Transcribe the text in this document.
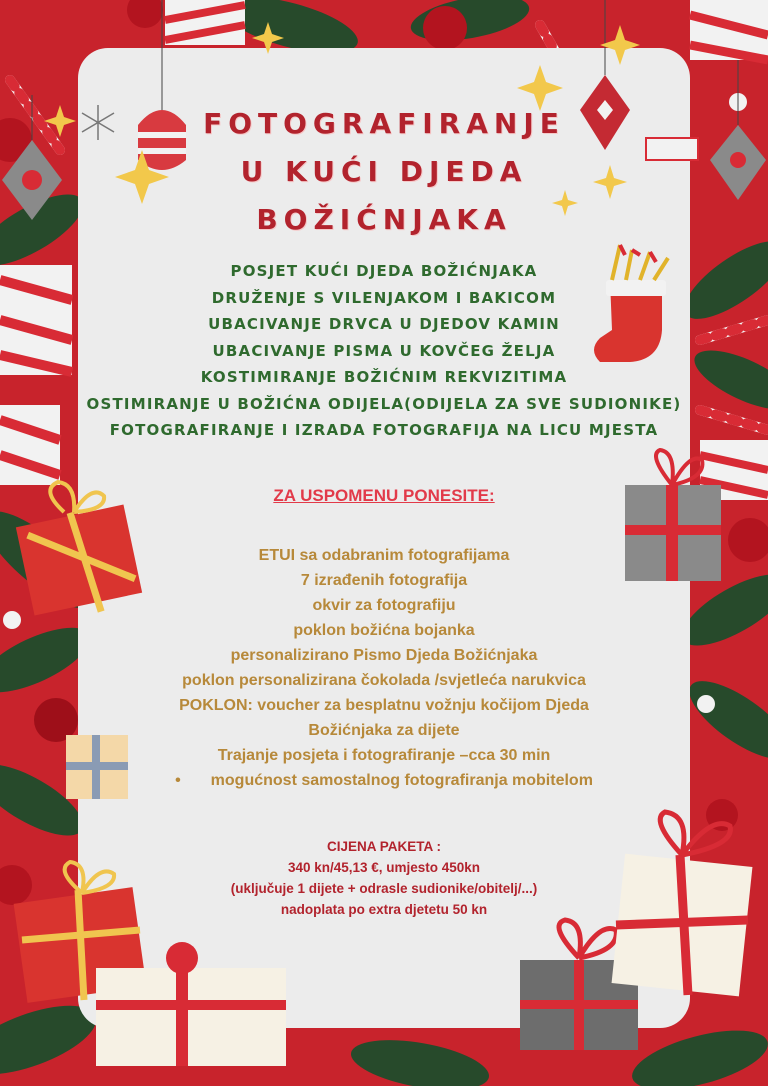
FOTOGRAFIRANJE
U KUĆI DJEDA
BOŽIĆNJAKA
POSJET KUĆI DJEDA BOŽIĆNJAKA
DRUŽENJE S VILENJAKOM I BAKICOM
UBACIVANJE DRVCA U DJEDOV KAMIN
UBACIVANJE PISMA U KOVČEG ŽELJA
KOSTIMIRANJE BOŽIĆNIM REKVIZITIMA
OSTIMIRANJE U BOŽIĆNA ODIJELA(ODIJELA ZA SVE SUDIONIKE)
FOTOGRAFIRANJE I IZRADA FOTOGRAFIJA NA LICU MJESTA
ZA USPOMENU PONESITE:
ETUI sa odabranim fotografijama
7 izrađenih fotografija
okvir za fotografiju
poklon božićna bojanka
personalizirano Pismo Djeda Božićnjaka
poklon personalizirana čokolada /svjetleća narukvica
POKLON: voucher za besplatnu vožnju kočijom Djeda
Božićnjaka za dijete
Trajanje posjeta i fotografiranje –cca 30 min
• mogućnost samostalnog fotografiranja mobitelom
CIJENA PAKETA :
340 kn/45,13 €, umjesto 450kn
(uključuje 1 dijete + odrasle sudionike/obitelj/...)
nadoplata po extra djetetu 50 kn
